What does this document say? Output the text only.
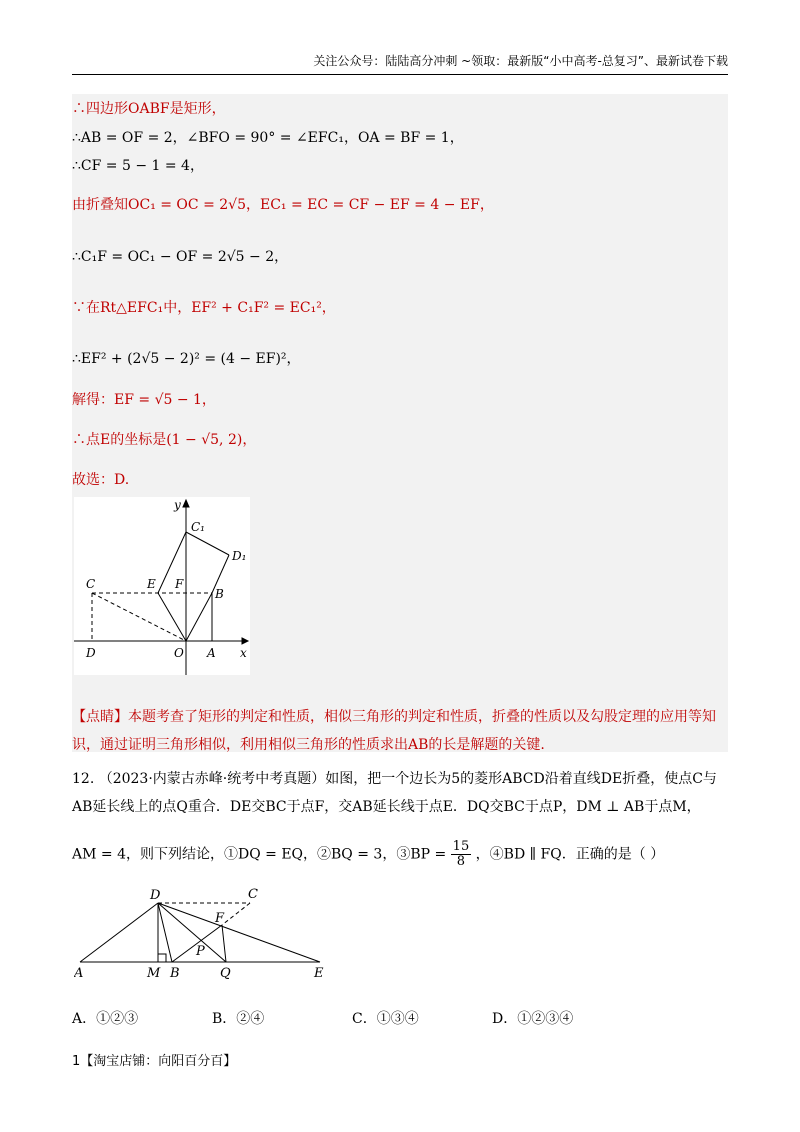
关注公众号：陆陆高分冲刺 ~领取：最新版“小中高考-总复习”、最新试卷下载
∴四边形OABF是矩形，
∴AB = OF = 2，∠BFO = 90° = ∠EFC₁，OA = BF = 1，
∴CF = 5 − 1 = 4，
由折叠知OC₁ = OC = 2√5，EC₁ = EC = CF − EF = 4 − EF，
∴C₁F = OC₁ − OF = 2√5 − 2，
∵在Rt△EFC₁中，EF² + C₁F² = EC₁²，
∴EF² + (2√5 − 2)² = (4 − EF)²，
解得：EF = √5 − 1，
∴点E的坐标是(1 − √5, 2)，
故选：D.
y
x
C₁
D₁
C	E F
B
D	O A
【点睛】本题考查了矩形的判定和性质，相似三角形的判定和性质，折叠的性质以及勾股定理的应用等知
识，通过证明三角形相似，利用相似三角形的性质求出AB的长是解题的关键.
12. （2023·内蒙古赤峰·统考中考真题）如图，把一个边长为5的菱形ABCD沿着直线DE折叠，使点C与
AB延长线上的点Q重合．DE交BC于点F，交AB延长线于点E．DQ交BC于点P，DM ⊥ AB于点M，
AM = 4，则下列结论，①DQ = EQ，②BQ = 3，③BP = $\frac{15}{8}$ ，④BD ∥ FQ．正确的是（ ）
D	C
F
P
A	M B	Q	E
A．①②③	B．②④	C．①③④	D．①②③④
1【淘宝店铺：向阳百分百】
